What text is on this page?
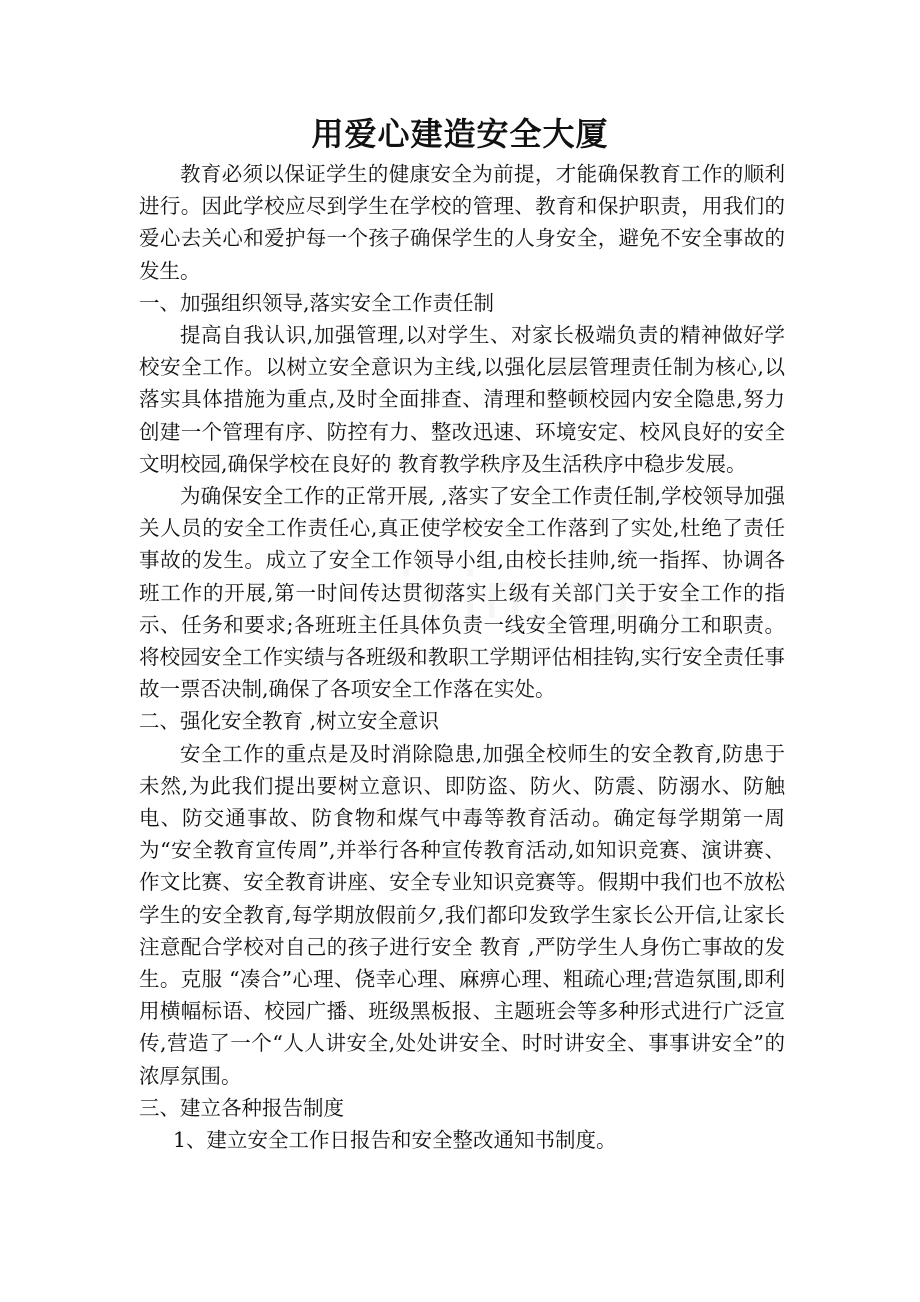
用爱心建造安全大厦

教育必须以保证学生的健康安全为前提，才能确保教育工作的顺利进行。因此学校应尽到学生在学校的管理、教育和保护职责，用我们的爱心去关心和爱护每一个孩子确保学生的人身安全，避免不安全事故的发生。

一、加强组织领导,落实安全工作责任制

提高自我认识,加强管理,以对学生、对家长极端负责的精神做好学校安全工作。以树立安全意识为主线,以强化层层管理责任制为核心,以落实具体措施为重点,及时全面排查、清理和整顿校园内安全隐患,努力创建一个管理有序、防控有力、整改迅速、环境安定、校风良好的安全文明校园,确保学校在良好的 教育教学秩序及生活秩序中稳步发展。

为确保安全工作的正常开展, ,落实了安全工作责任制,学校领导加强关人员的安全工作责任心,真正使学校安全工作落到了实处,杜绝了责任事故的发生。成立了安全工作领导小组,由校长挂帅,统一指挥、协调各班工作的开展,第一时间传达贯彻落实上级有关部门关于安全工作的指示、任务和要求;各班班主任具体负责一线安全管理,明确分工和职责。将校园安全工作实绩与各班级和教职工学期评估相挂钩,实行安全责任事故一票否决制,确保了各项安全工作落在实处。

二、强化安全教育 ,树立安全意识

安全工作的重点是及时消除隐患,加强全校师生的安全教育,防患于未然,为此我们提出要树立意识、即防盗、防火、防震、防溺水、防触电、防交通事故、防食物和煤气中毒等教育活动。确定每学期第一周为“安全教育宣传周”,并举行各种宣传教育活动,如知识竞赛、演讲赛、 作文比赛、安全教育讲座、安全专业知识竞赛等。假期中我们也不放松学生的安全教育,每学期放假前夕,我们都印发致学生家长公开信,让家长注意配合学校对自己的孩子进行安全 教育 ,严防学生人身伤亡事故的发生。克服 “凑合”心理、侥幸心理、麻痹心理、粗疏心理;营造氛围,即利用横幅标语、校园广播、班级黑板报、主题班会等多种形式进行广泛宣传,营造了一个“人人讲安全,处处讲安全、时时讲安全、事事讲安全”的浓厚氛围。

三、建立各种报告制度

1、建立安全工作日报告和安全整改通知书制度。
